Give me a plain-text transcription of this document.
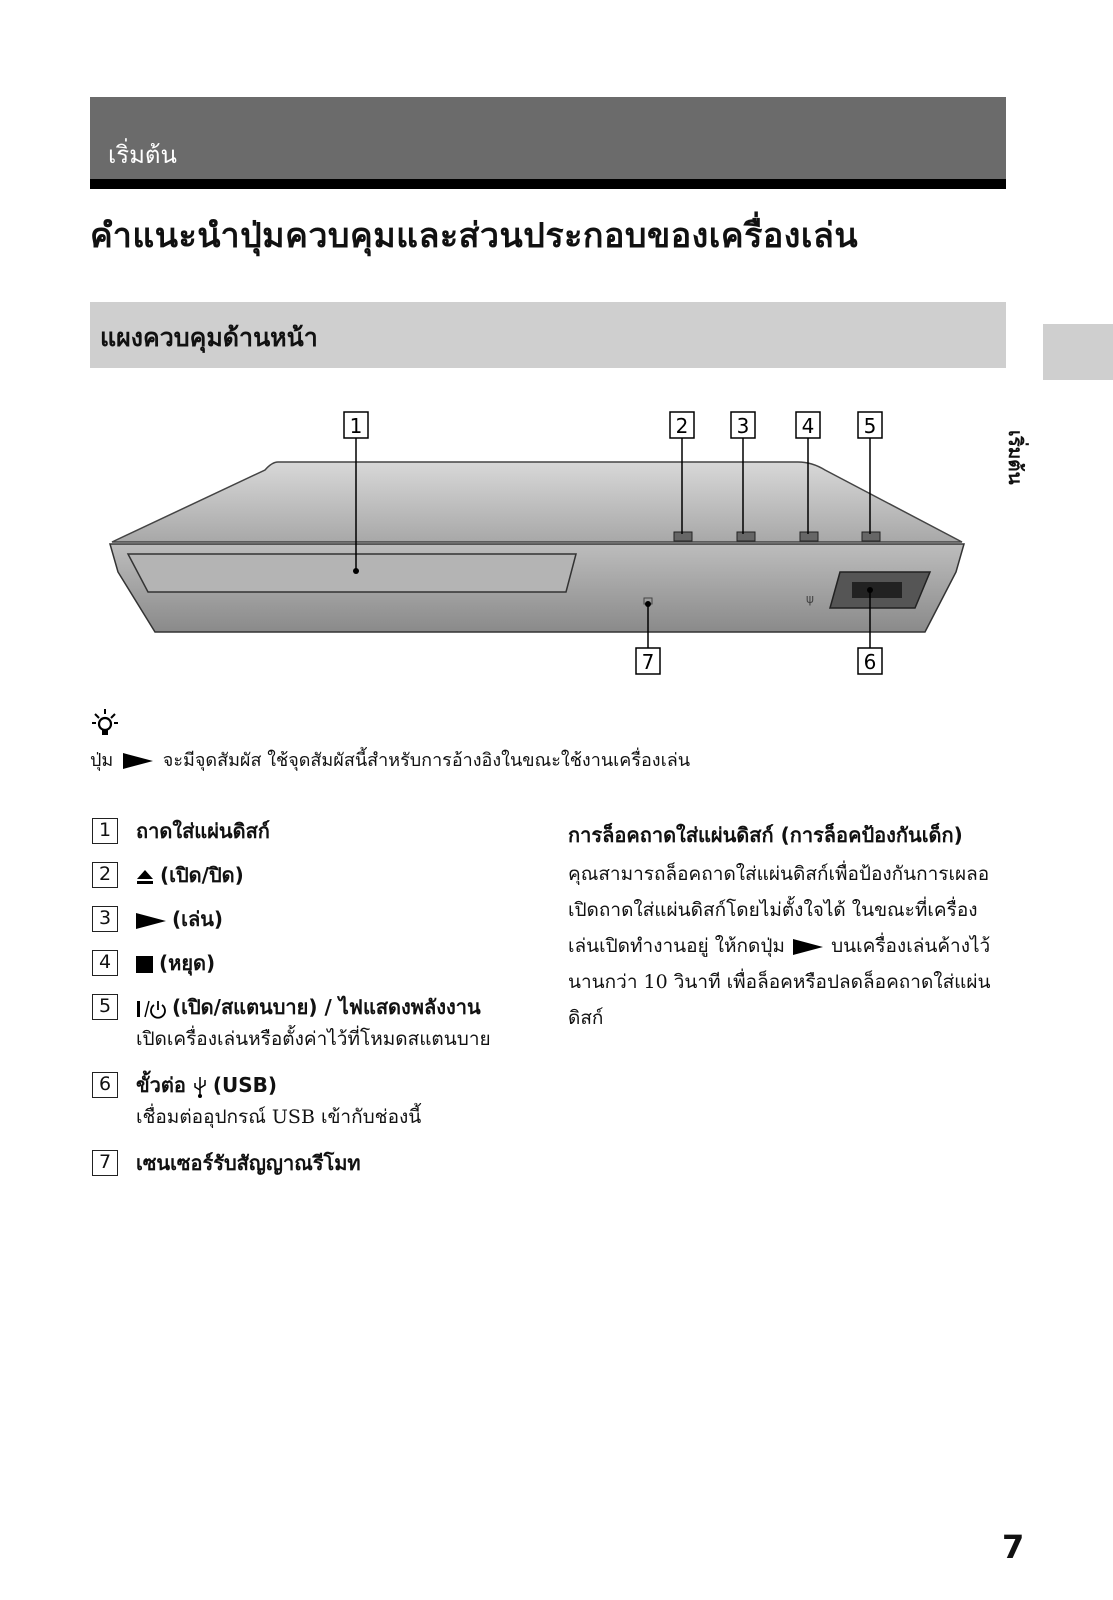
เริ่มต้น
คำแนะนำปุ่มควบคุมและส่วนประกอบของเครื่องเล่น
แผงควบคุมด้านหน้า
เริ่มต้น
ψ
1	2 3	4 5
7	6
ปุ่ม	จะมีจุดสัมผัส ใช้จุดสัมผัสนี้สำหรับการอ้างอิงในขณะใช้งานเครื่องเล่น
1	ถาดใส่แผ่นดิสก์
2	(เปิด/ปิด)
3	(เล่น)
4	(หยุด)
5	(เปิด/สแตนบาย) / ไฟแสดงพลังงาน
เปิดเครื่องเล่นหรือตั้งค่าไว้ที่โหมดสแตนบาย
6	ขั้วต่อ (USB)
เชื่อมต่ออุปกรณ์ USB เข้ากับช่องนี้
7	เซนเซอร์รับสัญญาณรีโมท
การล็อคถาดใส่แผ่นดิสก์ (การล็อคป้องกันเด็ก)
คุณสามารถล็อคถาดใส่แผ่นดิสก์เพื่อป้องกันการเผลอเปิดถาดใส่แผ่นดิสก์โดยไม่ตั้งใจได้ ในขณะที่เครื่องเล่นเปิดทำงานอยู่ ให้กดปุ่ม บนเครื่องเล่นค้างไว้นานกว่า 10 วินาที เพื่อล็อคหรือปลดล็อคถาดใส่แผ่นดิสก์
7
